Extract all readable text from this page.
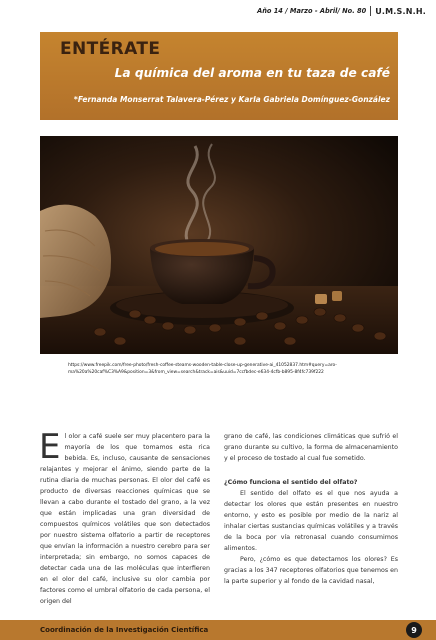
Año 14 / Marzo - Abril/ No. 80 U.M.S.N.H.
ENTÉRATE
La química del aroma en tu taza de café
*Fernanda Monserrat Talavera-Pérez y Karla Gabriela Domínguez-González
https://www.freepik.com/free-photo/fresh-coffee-steams-wooden-table-close-up-generative-ai_41052837.htm#query=aro-
ma%20a%20caf%C3%A9&position=3&from_view=search&track=ais&uuid=7ccfbdec-e634-4cfb-b895-8f4fc739f222
E l olor a café suele ser muy placentero para la mayoría de los que tomamos esta rica bebida. Es, incluso, causante de sensaciones relajantes y mejorar el ánimo, siendo parte de la rutina diaria de muchas personas. El olor del café es producto de diversas reacciones químicas que se llevan a cabo durante el tostado del grano, a la vez que están implicadas una gran diversidad de compuestos químicos volátiles que son detectados por nuestro sistema olfatorio a partir de receptores que envían la información a nuestro cerebro para ser interpretada; sin embargo, no somos capaces de detectar cada una de las moléculas que interfieren en el olor del café, inclusive su olor cambia por factores como el umbral olfatorio de cada persona, el origen del

grano de café, las condiciones climáticas que sufrió el grano durante su cultivo, la forma de almacenamiento y el proceso de tostado al cual fue sometido.

¿Cómo funciona el sentido del olfato?

El sentido del olfato es el que nos ayuda a detectar los olores que están presentes en nuestro entorno, y esto es posible por medio de la nariz al inhalar ciertas sustancias químicas volátiles y a través de la boca por vía retronasal cuando consumimos alimentos.

Pero, ¿cómo es que detectamos los olores? Es gracias a los 347 receptores olfatorios que tenemos en la parte superior y al fondo de la cavidad nasal,

Coordinación de la Investigación Científica	9
